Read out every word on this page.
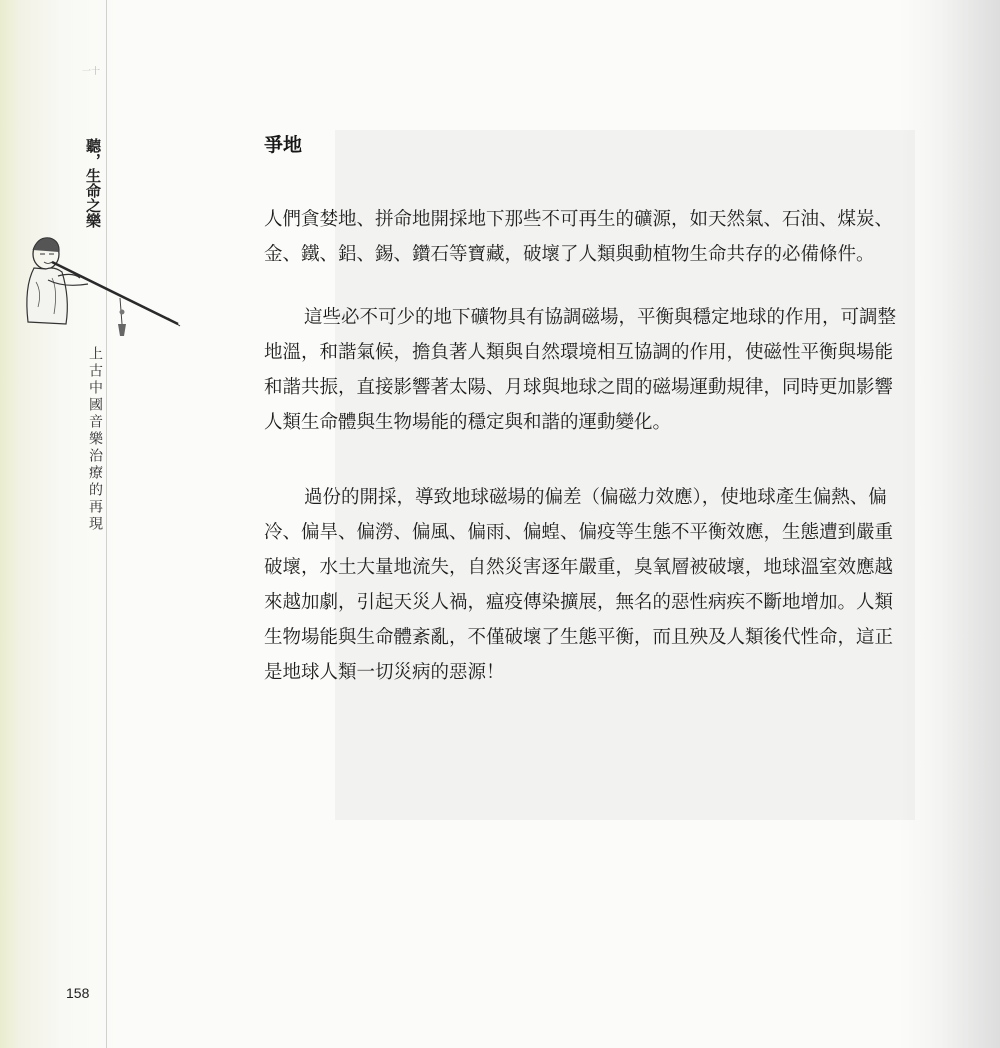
一十
聽，生命之樂
上古中國音樂治療的再現
158
爭地

人們貪婪地、拼命地開採地下那些不可再生的礦源，如天然氣、石油、煤炭、金、鐵、鋁、錫、鑽石等寶藏，破壞了人類與動植物生命共存的必備條件。

這些必不可少的地下礦物具有協調磁場，平衡與穩定地球的作用，可調整地溫，和諧氣候，擔負著人類與自然環境相互協調的作用，使磁性平衡與場能和諧共振，直接影響著太陽、月球與地球之間的磁場運動規律，同時更加影響人類生命體與生物場能的穩定與和諧的運動變化。

過份的開採，導致地球磁場的偏差（偏磁力效應），使地球產生偏熱、偏冷、偏旱、偏澇、偏風、偏雨、偏蝗、偏疫等生態不平衡效應，生態遭到嚴重破壞，水土大量地流失，自然災害逐年嚴重，臭氧層被破壞，地球溫室效應越來越加劇，引起天災人禍，瘟疫傳染擴展，無名的惡性病疾不斷地增加。人類生物場能與生命體紊亂，不僅破壞了生態平衡，而且殃及人類後代性命，這正是地球人類一切災病的惡源！
